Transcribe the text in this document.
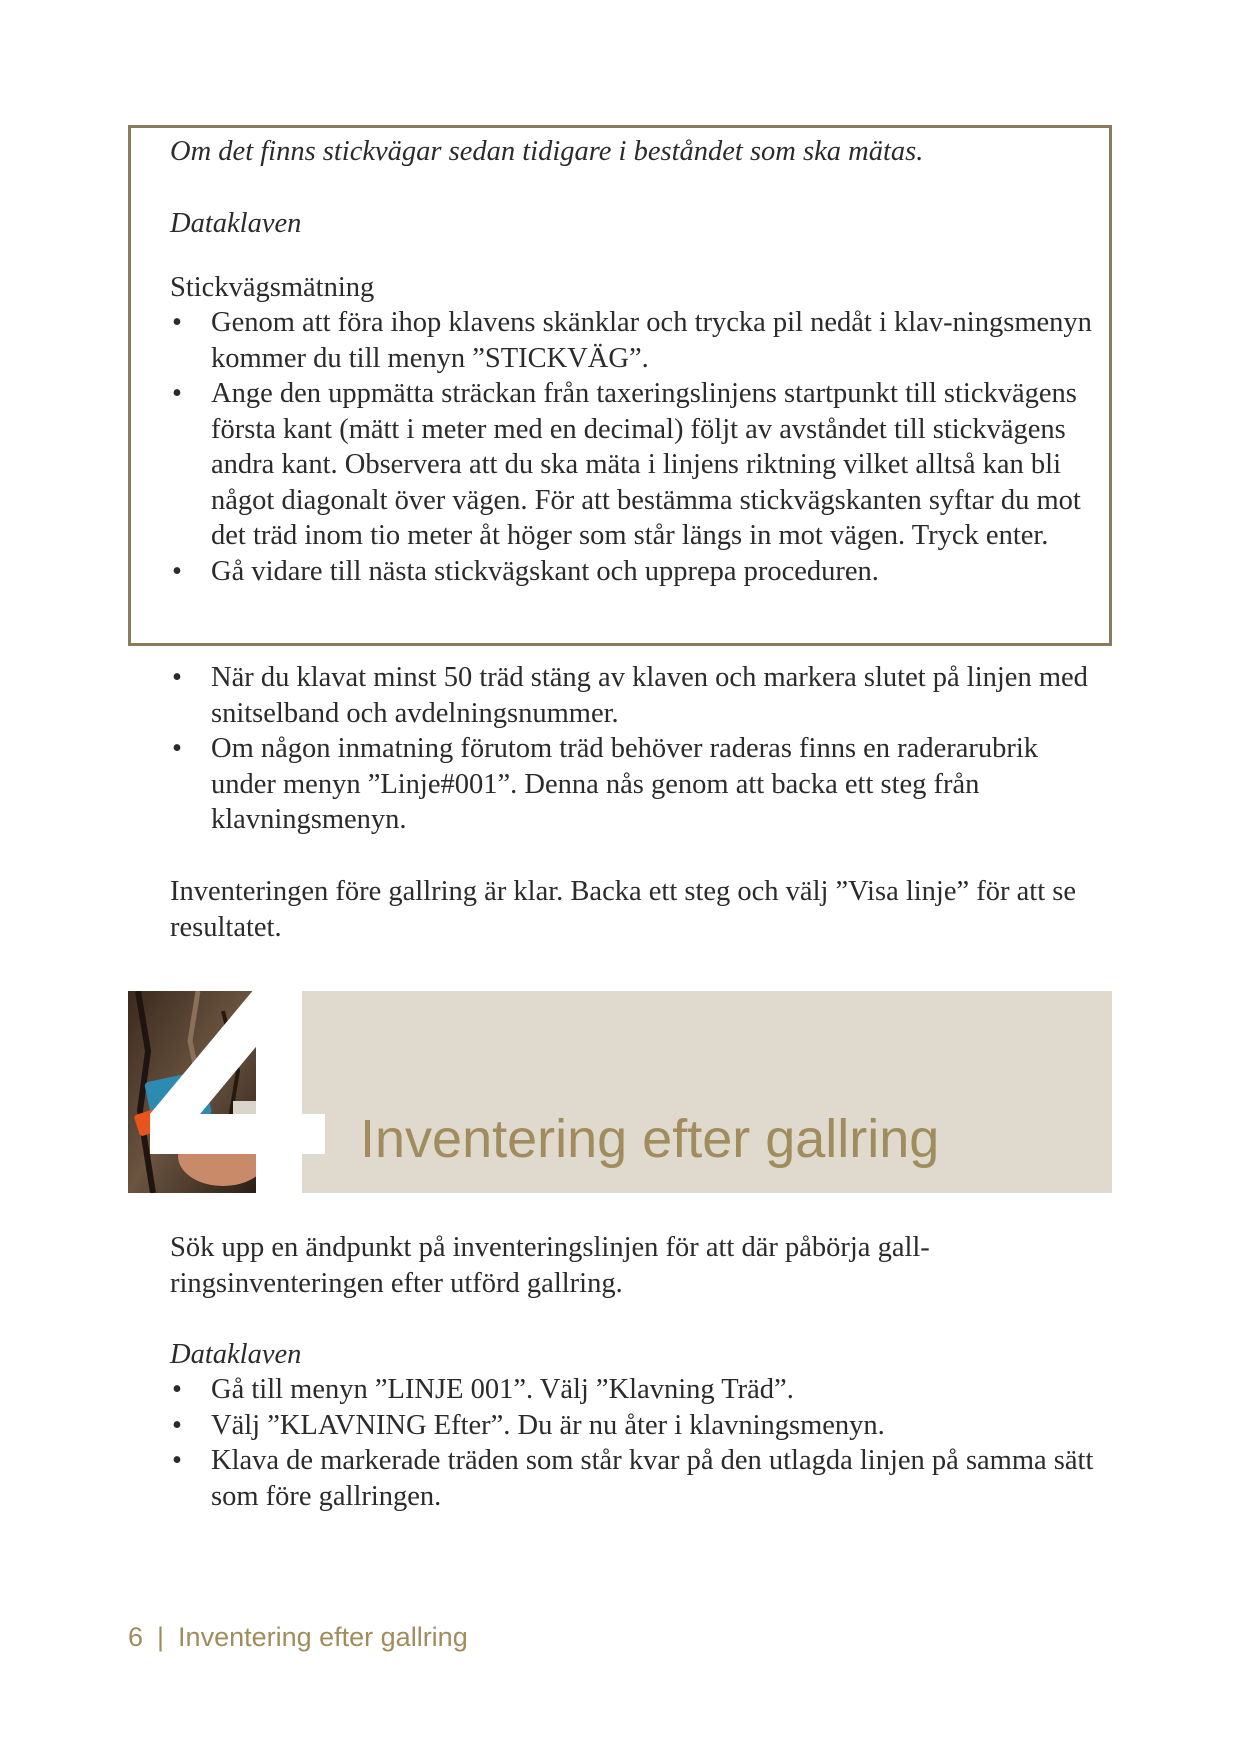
Om det finns stickvägar sedan tidigare i beståndet som ska mätas.
Dataklaven
Stickvägsmätning
• Genom att föra ihop klavens skänklar och trycka pil nedåt i klav-ningsmenyn kommer du till menyn ”STICKVÄG”.
• Ange den uppmätta sträckan från taxeringslinjens startpunkt till stickvägens första kant (mätt i meter med en decimal) följt av avståndet till stickvägens andra kant. Observera att du ska mäta i linjens riktning vilket alltså kan bli något diagonalt över vägen. För att bestämma stickvägskanten syftar du mot det träd inom tio meter åt höger som står längs in mot vägen. Tryck enter.
• Gå vidare till nästa stickvägskant och upprepa proceduren.
• När du klavat minst 50 träd stäng av klaven och markera slutet på linjen med snitselband och avdelningsnummer.
• Om någon inmatning förutom träd behöver raderas finns en raderarubrik under menyn ”Linje#001”. Denna nås genom att backa ett steg från klavningsmenyn.
Inventeringen före gallring är klar. Backa ett steg och välj ”Visa linje” för att se resultatet.
Inventering efter gallring
Sök upp en ändpunkt på inventeringslinjen för att där påbörja gall-ringsinventeringen efter utförd gallring.
Dataklaven
• Gå till menyn ”LINJE 001”. Välj ”Klavning Träd”.
• Välj ”KLAVNING Efter”. Du är nu åter i klavningsmenyn.
• Klava de markerade träden som står kvar på den utlagda linjen på samma sätt som före gallringen.
6 | Inventering efter gallring
